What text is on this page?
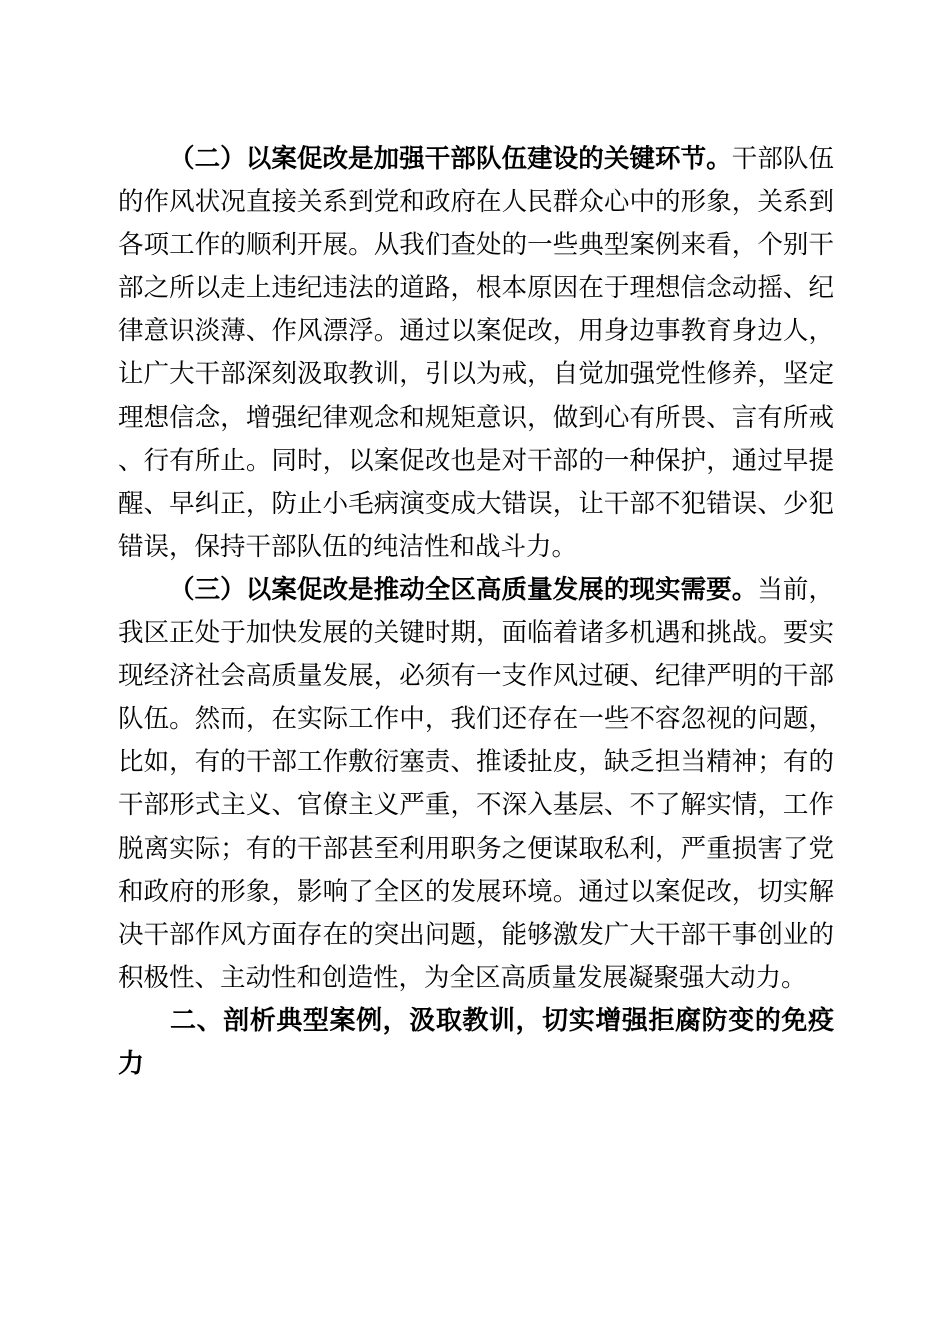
（二）以案促改是加强干部队伍建设的关键环节。干部队伍的作风状况直接关系到党和政府在人民群众心中的形象，关系到各项工作的顺利开展。从我们查处的一些典型案例来看，个别干部之所以走上违纪违法的道路，根本原因在于理想信念动摇、纪律意识淡薄、作风漂浮。通过以案促改，用身边事教育身边人，让广大干部深刻汲取教训，引以为戒，自觉加强党性修养，坚定理想信念，增强纪律观念和规矩意识，做到心有所畏、言有所戒、行有所止。同时，以案促改也是对干部的一种保护，通过早提醒、早纠正，防止小毛病演变成大错误，让干部不犯错误、少犯错误，保持干部队伍的纯洁性和战斗力。

（三）以案促改是推动全区高质量发展的现实需要。当前，我区正处于加快发展的关键时期，面临着诸多机遇和挑战。要实现经济社会高质量发展，必须有一支作风过硬、纪律严明的干部队伍。然而，在实际工作中，我们还存在一些不容忽视的问题，比如，有的干部工作敷衍塞责、推诿扯皮，缺乏担当精神；有的干部形式主义、官僚主义严重，不深入基层、不了解实情，工作脱离实际；有的干部甚至利用职务之便谋取私利，严重损害了党和政府的形象，影响了全区的发展环境。通过以案促改，切实解决干部作风方面存在的突出问题，能够激发广大干部干事创业的积极性、主动性和创造性，为全区高质量发展凝聚强大动力。

二、剖析典型案例，汲取教训，切实增强拒腐防变的免疫力
